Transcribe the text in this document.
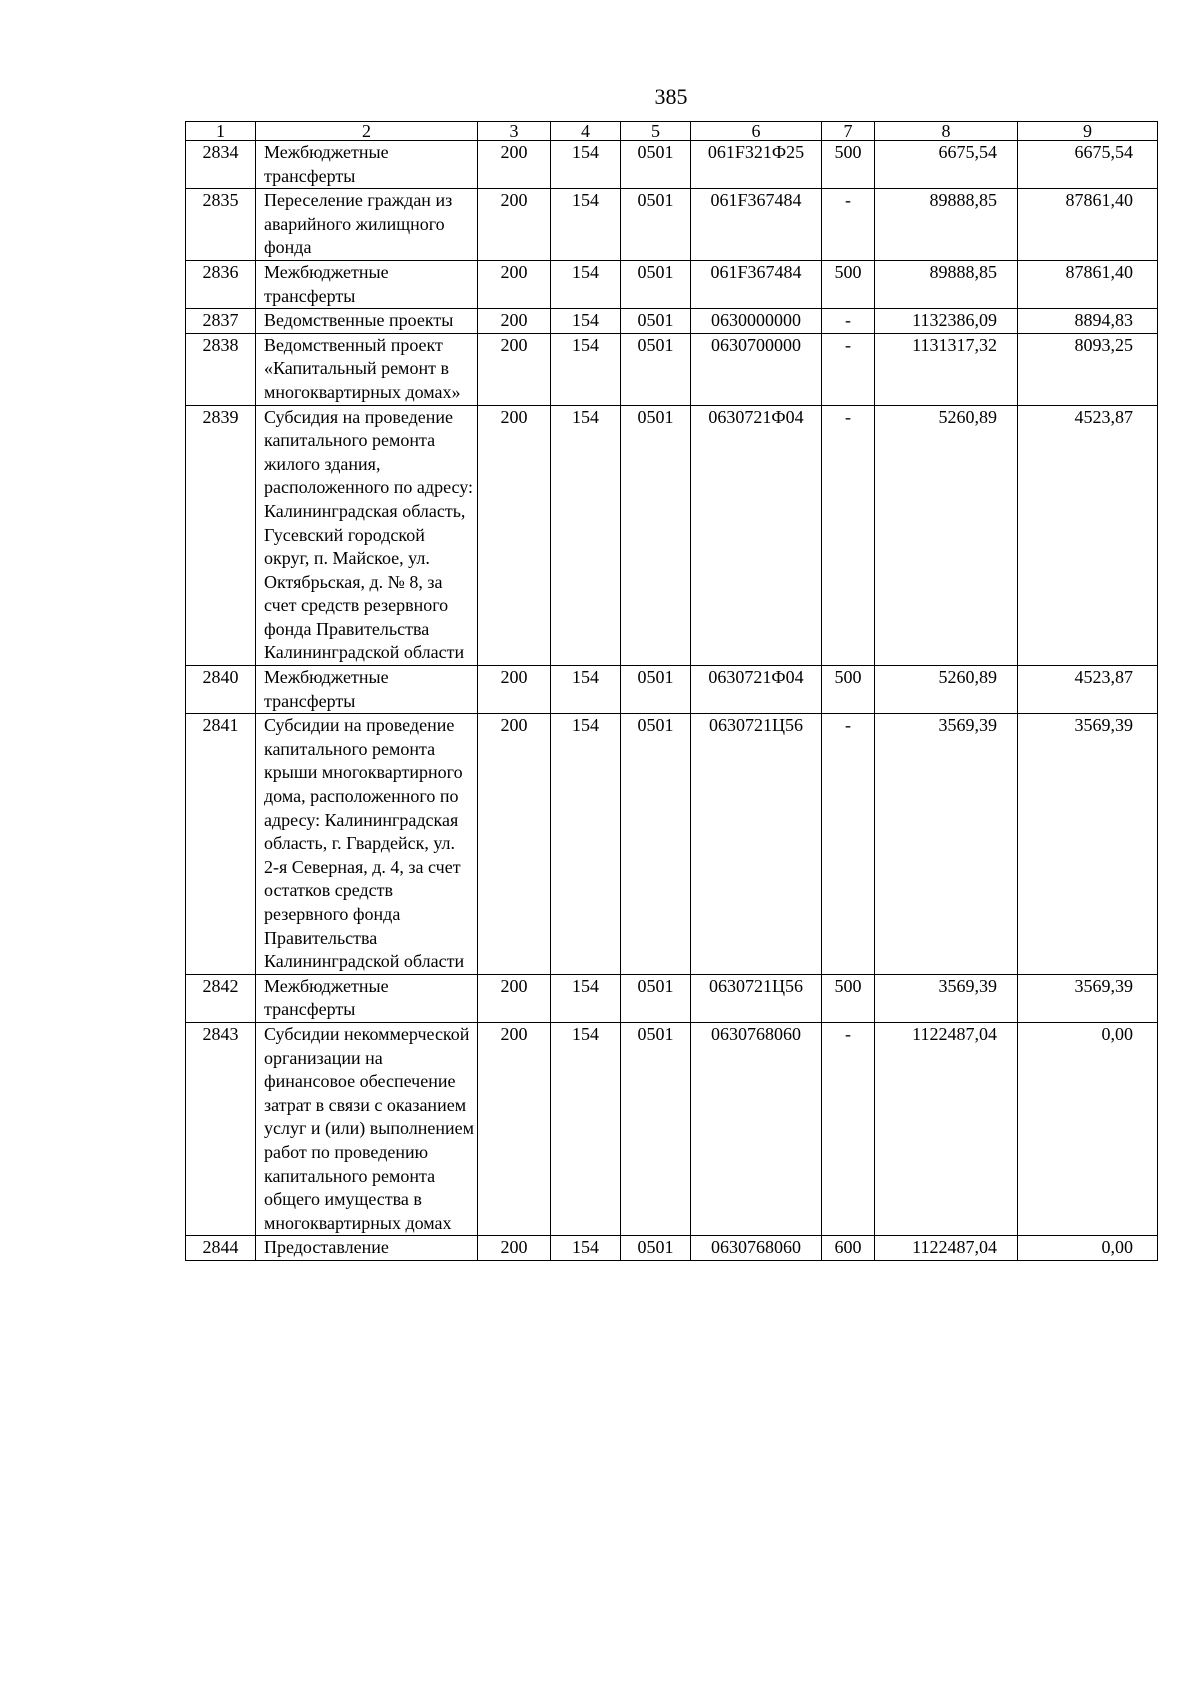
385
1	2	3	4	5	6	7	8	9
2834	Межбюджетные трансферты	200	154	0501	061F321Ф25	500	6675,54	6675,54
2835	Переселение граждан из аварийного жилищного фонда	200	154	0501	061F367484	-	89888,85	87861,40
2836	Межбюджетные трансферты	200	154	0501	061F367484	500	89888,85	87861,40
2837	Ведомственные проекты	200	154	0501	0630000000	-	1132386,09	8894,83
2838	Ведомственный проект «Капитальный ремонт в многоквартирных домах»	200	154	0501	0630700000	-	1131317,32	8093,25
2839	Субсидия на проведение капитального ремонта жилого здания, расположенного по адресу: Калининградская область, Гусевский городской округ, п. Майское, ул. Октябрьская, д. № 8, за счет средств резервного фонда Правительства Калининградской области	200	154	0501	0630721Ф04	-	5260,89	4523,87
2840	Межбюджетные трансферты	200	154	0501	0630721Ф04	500	5260,89	4523,87
2841	Субсидии на проведение капитального ремонта крыши многоквартирного дома, расположенного по адресу: Калининградская область, г. Гвардейск, ул. 2-я Северная, д. 4, за счет остатков средств резервного фонда Правительства Калининградской области	200	154	0501	0630721Ц56	-	3569,39	3569,39
2842	Межбюджетные трансферты	200	154	0501	0630721Ц56	500	3569,39	3569,39
2843	Субсидии некоммерческой организации на финансовое обеспечение затрат в связи с оказанием услуг и (или) выполнением работ по проведению капитального ремонта общего имущества в многоквартирных домах	200	154	0501	0630768060	-	1122487,04	0,00
2844	Предоставление	200	154	0501	0630768060	600	1122487,04	0,00
